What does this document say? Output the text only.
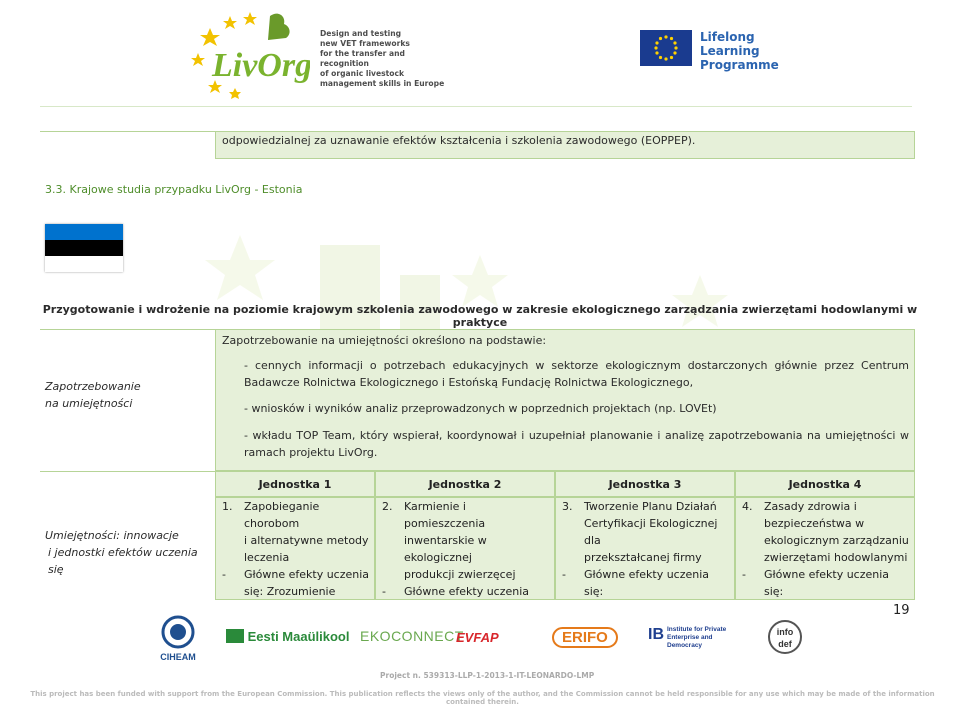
LivOrg
Design and testing
new VET frameworks
for the transfer and recognition
of organic livestock
management skills in Europe
Lifelong
Learning
Programme
odpowiedzialnej za uznawanie efektów kształcenia i szkolenia zawodowego (EOPPEP).
3.3. Krajowe studia przypadku LivOrg - Estonia
Przygotowanie i wdrożenie na poziomie krajowym szkolenia zawodowego w zakresie ekologicznego zarządzania zwierzętami hodowlanymi w praktyce
Zapotrzebowanie
na umiejętności
Zapotrzebowanie na umiejętności określono na podstawie:
- cennych informacji o potrzebach edukacyjnych w sektorze ekologicznym dostarczonych głównie przez Centrum Badawcze Rolnictwa Ekologicznego i Estońską Fundację Rolnictwa Ekologicznego,
- wniosków i wyników analiz przeprowadzonych w poprzednich projektach (np. LOVEt)
- wkładu TOP Team, który wspierał, koordynował i uzupełniał planowanie i analizę zapotrzebowania na umiejętności w ramach projektu LivOrg.
Umiejętności: innowacje
i jednostki efektów uczenia się
Jednostka 1	Jednostka 2	Jednostka 3	Jednostka 4
1.	Zapobieganie
chorobom
i alternatywne metody
leczenia
-	Główne efekty uczenia
się: Zrozumienie
2.	Karmienie i pomieszczenia
inwentarskie w ekologicznej
produkcji zwierzęcej
-	Główne efekty uczenia
3.	Tworzenie Planu Działań
Certyfikacji Ekologicznej dla
przekształcanej firmy
-	Główne efekty uczenia się:
4.	Zasady zdrowia i
bezpieczeństwa w
ekologicznym zarządzaniu
zwierzętami hodowlanymi
-	Główne efekty uczenia się:
19
CIHEAM
Eesti Maaülikool EKOCONNECT
EVFAP	ERIFO	IB Institute for Private Enterprise and Democracy
info def
Project n. 539313-LLP-1-2013-1-IT-LEONARDO-LMP
This project has been funded with support from the European Commission. This publication reflects the views only of the author, and the Commission cannot be held responsible for any use which may be made of the information contained therein.
